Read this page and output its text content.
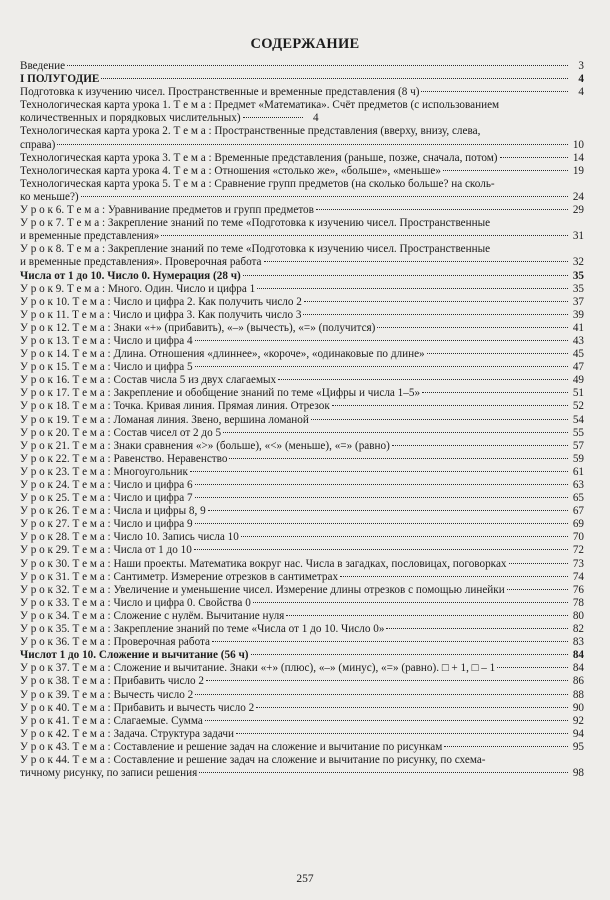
СОДЕРЖАНИЕ
Введение	3
I ПОЛУГОДИЕ	4
Подготовка к изучению чисел. Пространственные и временные представления (8 ч)	4
Технологическая карта урока 1. Т е м а : Предмет «Математика». Счёт предметов (с использованием
количественных и порядковых числительных)	4
Технологическая карта урока 2. Т е м а : Пространственные представления (вверху, внизу, слева,
справа)	10
Технологическая карта урока 3. Т е м а : Временные представления (раньше, позже, сначала, потом)	14
Технологическая карта урока 4. Т е м а : Отношения «столько же», «больше», «меньше»	19
Технологическая карта урока 5. Т е м а : Сравнение групп предметов (на сколько больше? на сколь-
ко меньше?)	24
У р о к 6. Т е м а : Уравнивание предметов и групп предметов	29
У р о к 7. Т е м а : Закрепление знаний по теме «Подготовка к изучению чисел. Пространственные
и временные представления»	31
У р о к 8. Т е м а : Закрепление знаний по теме «Подготовка к изучению чисел. Пространственные
и временные представления». Проверочная работа	32
Числа от 1 до 10. Число 0. Нумерация (28 ч)	35
У р о к 9. Т е м а : Много. Один. Число и цифра 1	35
У р о к 10. Т е м а : Число и цифра 2. Как получить число 2	37
У р о к 11. Т е м а : Число и цифра 3. Как получить число 3	39
У р о к 12. Т е м а : Знаки «+» (прибавить), «–» (вычесть), «=» (получится)	41
У р о к 13. Т е м а : Число и цифра 4	43
У р о к 14. Т е м а : Длина. Отношения «длиннее», «короче», «одинаковые по длине»	45
У р о к 15. Т е м а : Число и цифра 5	47
У р о к 16. Т е м а : Состав числа 5 из двух слагаемых	49
У р о к 17. Т е м а : Закрепление и обобщение знаний по теме «Цифры и числа 1–5»	51
У р о к 18. Т е м а : Точка. Кривая линия. Прямая линия. Отрезок	52
У р о к 19. Т е м а : Ломаная линия. Звено, вершина ломаной	54
У р о к 20. Т е м а : Состав чисел от 2 до 5	55
У р о к 21. Т е м а : Знаки сравнения «>» (больше), «<» (меньше), «=» (равно)	57
У р о к 22. Т е м а : Равенство. Неравенство	59
У р о к 23. Т е м а : Многоугольник	61
У р о к 24. Т е м а : Число и цифра 6	63
У р о к 25. Т е м а : Число и цифра 7	65
У р о к 26. Т е м а : Числа и цифры 8, 9	67
У р о к 27. Т е м а : Число и цифра 9	69
У р о к 28. Т е м а : Число 10. Запись числа 10	70
У р о к 29. Т е м а : Числа от 1 до 10	72
У р о к 30. Т е м а : Наши проекты. Математика вокруг нас. Числа в загадках, пословицах, поговорках	73
У р о к 31. Т е м а : Сантиметр. Измерение отрезков в сантиметрах	74
У р о к 32. Т е м а : Увеличение и уменьшение чисел. Измерение длины отрезков с помощью линейки	76
У р о к 33. Т е м а : Число и цифра 0. Свойства 0	78
У р о к 34. Т е м а : Сложение с нулём. Вычитание нуля	80
У р о к 35. Т е м а : Закрепление знаний по теме «Числа от 1 до 10. Число 0»	82
У р о к 36. Т е м а : Проверочная работа	83
Числот 1 до 10. Сложение и вычитание (56 ч)	84
У р о к 37. Т е м а : Сложение и вычитание. Знаки «+» (плюс), «–» (минус), «=» (равно). □ + 1, □ – 1	84
У р о к 38. Т е м а : Прибавить число 2	86
У р о к 39. Т е м а : Вычесть число 2	88
У р о к 40. Т е м а : Прибавить и вычесть число 2	90
У р о к 41. Т е м а : Слагаемые. Сумма	92
У р о к 42. Т е м а : Задача. Структура задачи	94
У р о к 43. Т е м а : Составление и решение задач на сложение и вычитание по рисункам	95
У р о к 44. Т е м а : Составление и решение задач на сложение и вычитание по рисунку, по схема-
тичному рисунку, по записи решения	98
257
